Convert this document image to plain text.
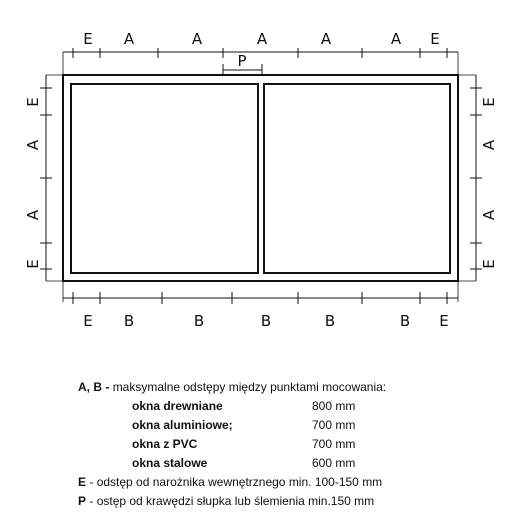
E A	A	A	A	A E
P
E B	B	B	B	B E
E
A
A
E
E
A
A
E
A, B - maksymalne odstępy między punktami mocowania:
okna drewniane	800 mm
okna aluminiowe;	700 mm
okna z PVC	700 mm
okna stalowe	600 mm
E - odstęp od narożnika wewnętrznego min. 100-150 mm
P - ostęp od krawędzi słupka lub ślemienia min.150 mm
